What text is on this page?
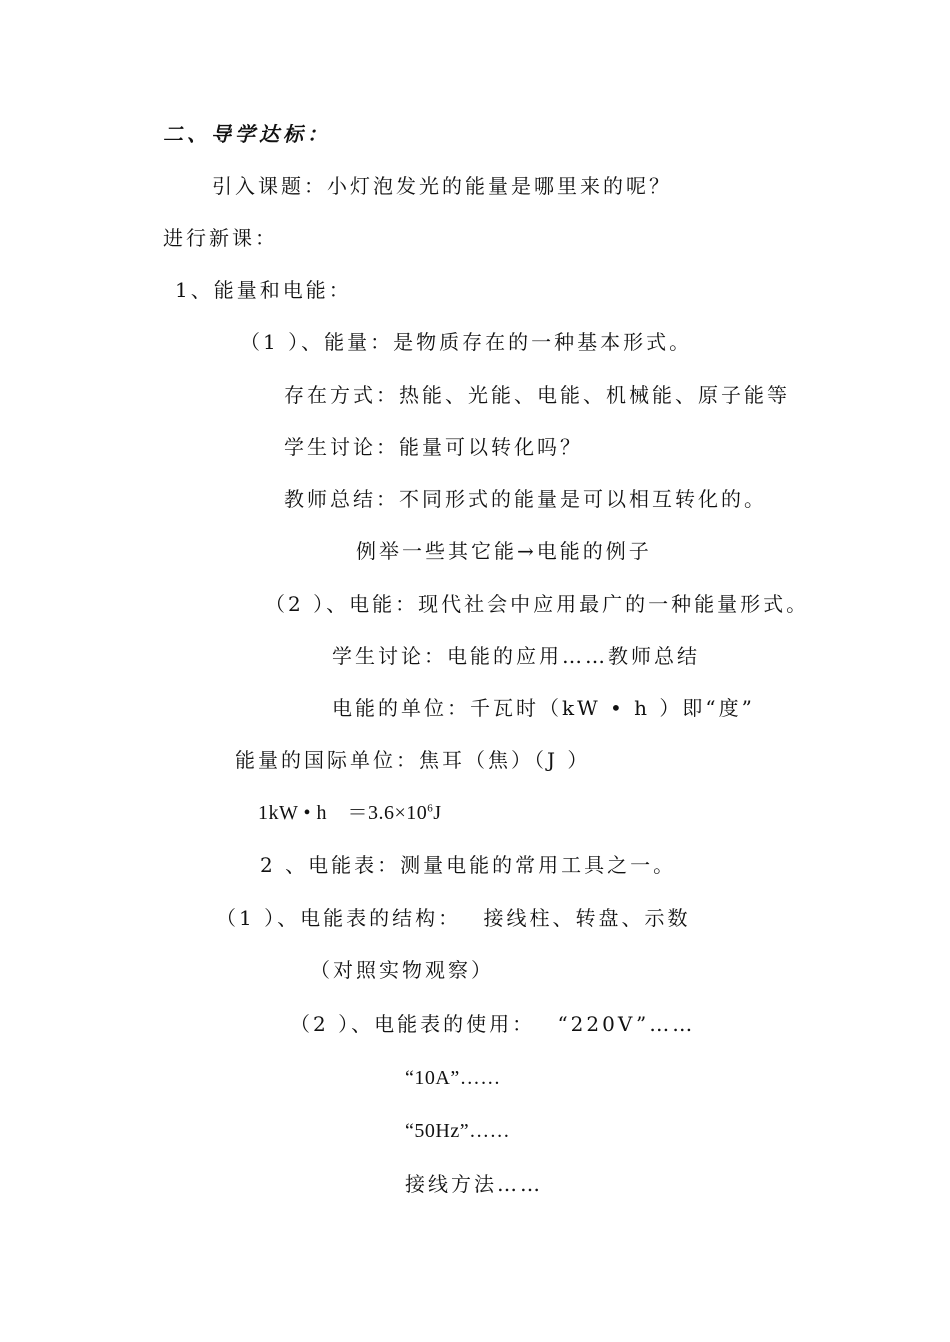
二、导学达标：
引入课题：小灯泡发光的能量是哪里来的呢？
进行新课：
1、能量和电能：
（1 ）、能量：是物质存在的一种基本形式。
存在方式：热能、光能、电能、机械能、原子能等
学生讨论：能量可以转化吗？
教师总结：不同形式的能量是可以相互转化的。
例举一些其它能→电能的例子
（2 ）、电能：现代社会中应用最广的一种能量形式。
学生讨论：电能的应用……教师总结
电能的单位：千瓦时（kW • h ）即“度”
能量的国际单位：焦耳（焦）（J ）
1kW • h　$=3.6\times 10^6J$
2 、电能表：测量电能的常用工具之一。
（1 ）、电能表的结构：　 接线柱、转盘、示数
（对照实物观察）
（2 ）、电能表的使用：　 “220V”……
“10A”……
“50Hz”……
接线方法……
